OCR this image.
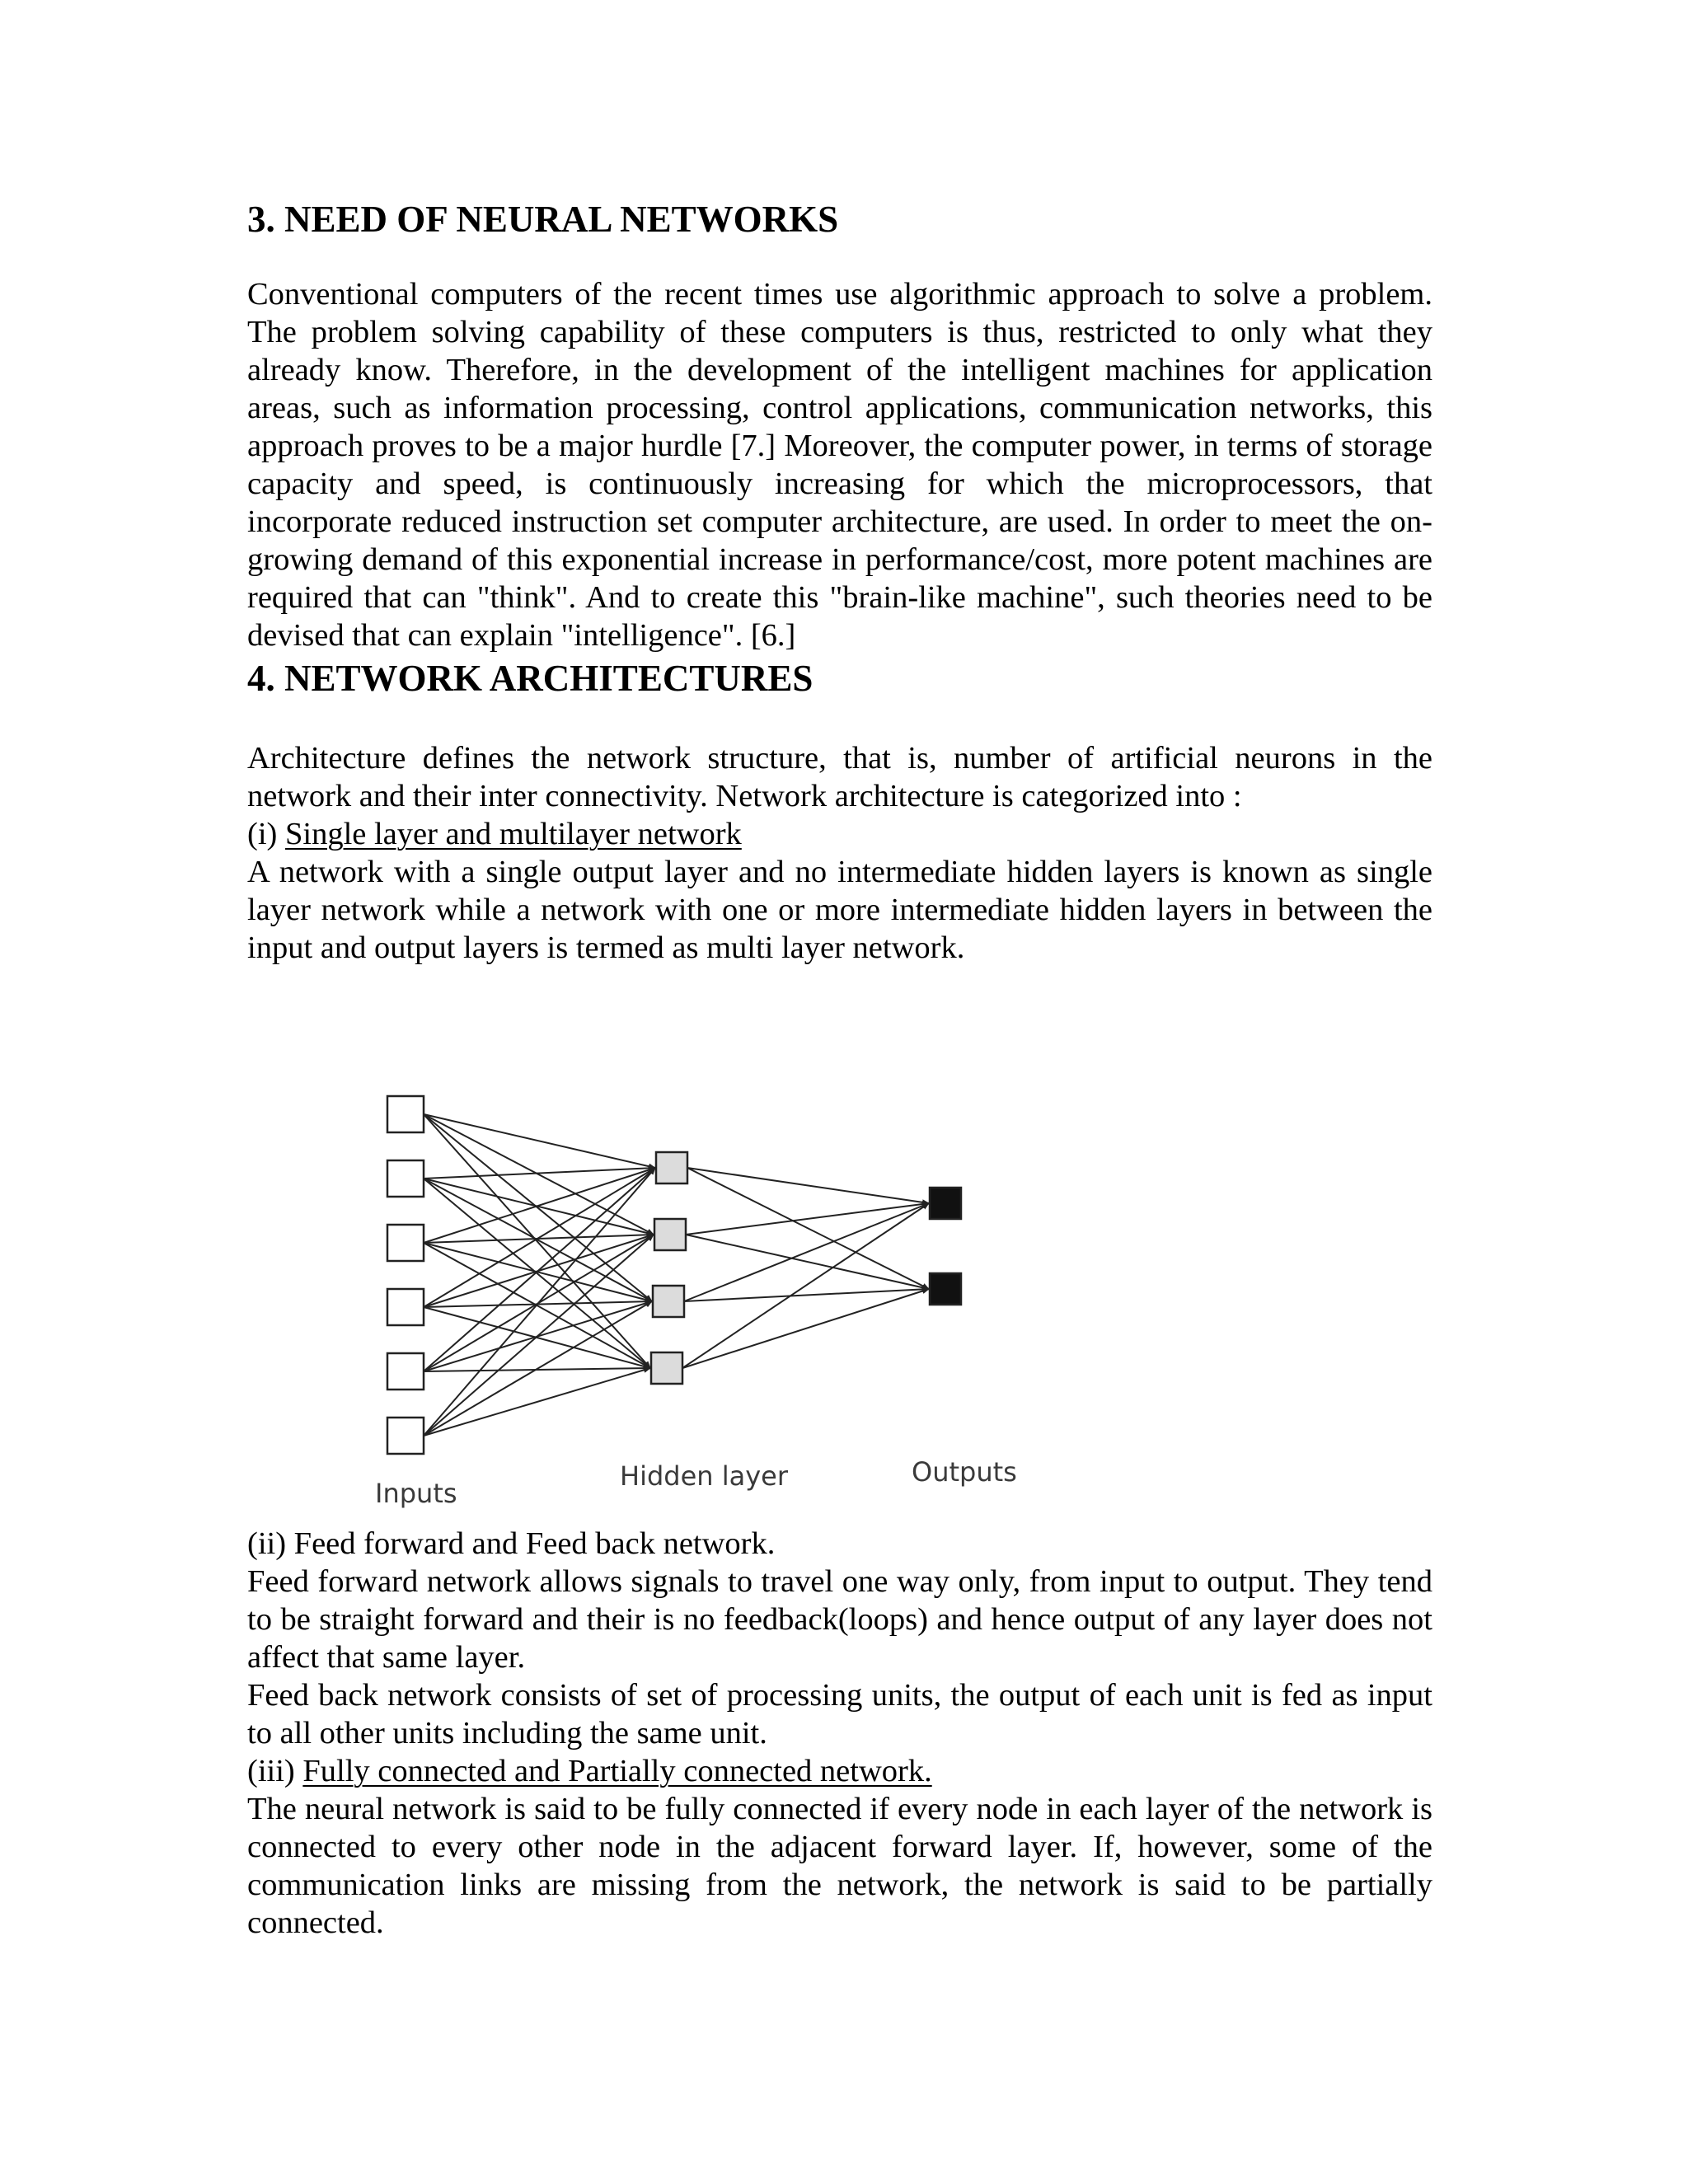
3. NEED OF NEURAL NETWORKS

Conventional computers of the recent times use algorithmic approach to solve a problem. The problem solving capability of these computers is thus, restricted to only what they already know. Therefore, in the development of the intelligent machines for application areas, such as information processing, control applications, communication networks, this approach proves to be a major hurdle [7.] Moreover, the computer power, in terms of storage capacity and speed, is continuously increasing for which the microprocessors, that incorporate reduced instruction set computer architecture, are used. In order to meet the on-growing demand of this exponential increase in performance/cost, more potent machines are required that can "think". And to create this "brain-like machine", such theories need to be devised that can explain "intelligence". [6.]

4. NETWORK ARCHITECTURES

Architecture defines the network structure, that is, number of artificial neurons in the network and their inter connectivity. Network architecture is categorized into :

(i) Single layer and multilayer network

A network with a single output layer and no intermediate hidden layers is known as single layer network while a network with one or more intermediate hidden layers in between the input and output layers is termed as multi layer network.

Inputs
Hidden layer	Outputs

(ii) Feed forward and Feed back network.

Feed forward network allows signals to travel one way only, from input to output. They tend to be straight forward and their is no feedback(loops) and hence output of any layer does not affect that same layer.

Feed back network consists of set of processing units, the output of each unit is fed as input to all other units including the same unit.

(iii) Fully connected and Partially connected network.

The neural network is said to be fully connected if every node in each layer of the network is connected to every other node in the adjacent forward layer. If, however, some of the communication links are missing from the network, the network is said to be partially connected.
